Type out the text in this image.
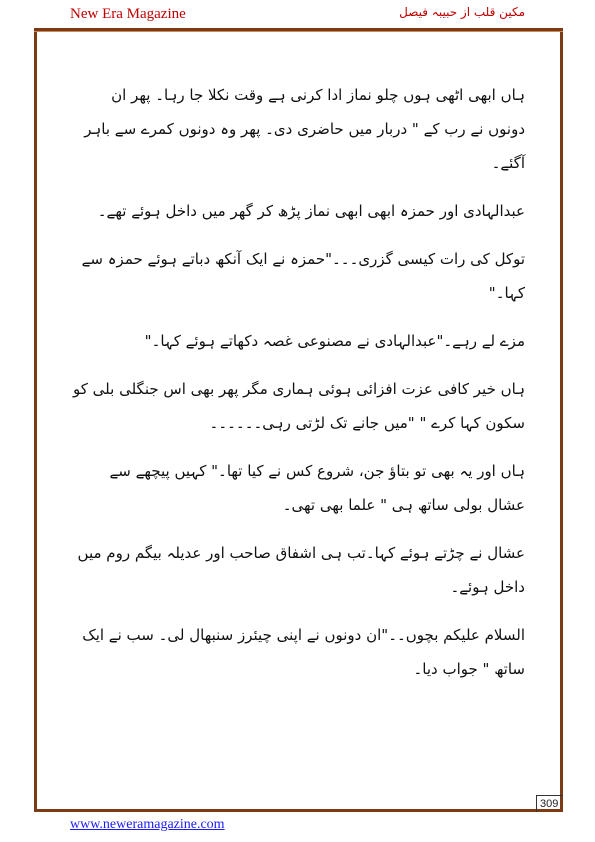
New Era Magazine	مکین قلب از حبیبہ فیصل

ہاں ابھی اٹھی ہوں چلو نماز ادا کرنی ہے وقت نکلا جا رہا۔ پھر ان دونوں نے رب کے " دربار میں حاضری دی۔ پھر وہ دونوں کمرے سے باہر آگئے۔

عبدالہادی اور حمزہ ابھی ابھی نماز پڑھ کر گھر میں داخل ہوئے تھے۔

توکل کی رات کیسی گزری۔۔۔"حمزہ نے ایک آنکھ دباتے ہوئے حمزہ سے کہا۔"

مزے لے رہے۔"عبدالہادی نے مصنوعی غصہ دکھاتے ہوئے کہا۔"

ہاں خیر کافی عزت افزائی ہوئی ہماری مگر پھر بھی اس جنگلی بلی کو سکون کہا کرے " "میں جانے تک لڑتی رہی۔۔۔۔۔۔

ہاں اور یہ بھی تو بتاؤ جن، شروع کس نے کیا تھا۔" کہیں پیچھے سے عشال بولی ساتھ ہی " علما بھی تھی۔

عشال نے چڑتے ہوئے کہا۔تب ہی اشفاق صاحب اور عدیلہ بیگم روم میں داخل ہوئے۔

السلام علیکم بچوں۔۔"ان دونوں نے اپنی چیئرز سنبھال لی۔ سب نے ایک ساتھ " جواب دیا۔

309
www.neweramagazine.com
